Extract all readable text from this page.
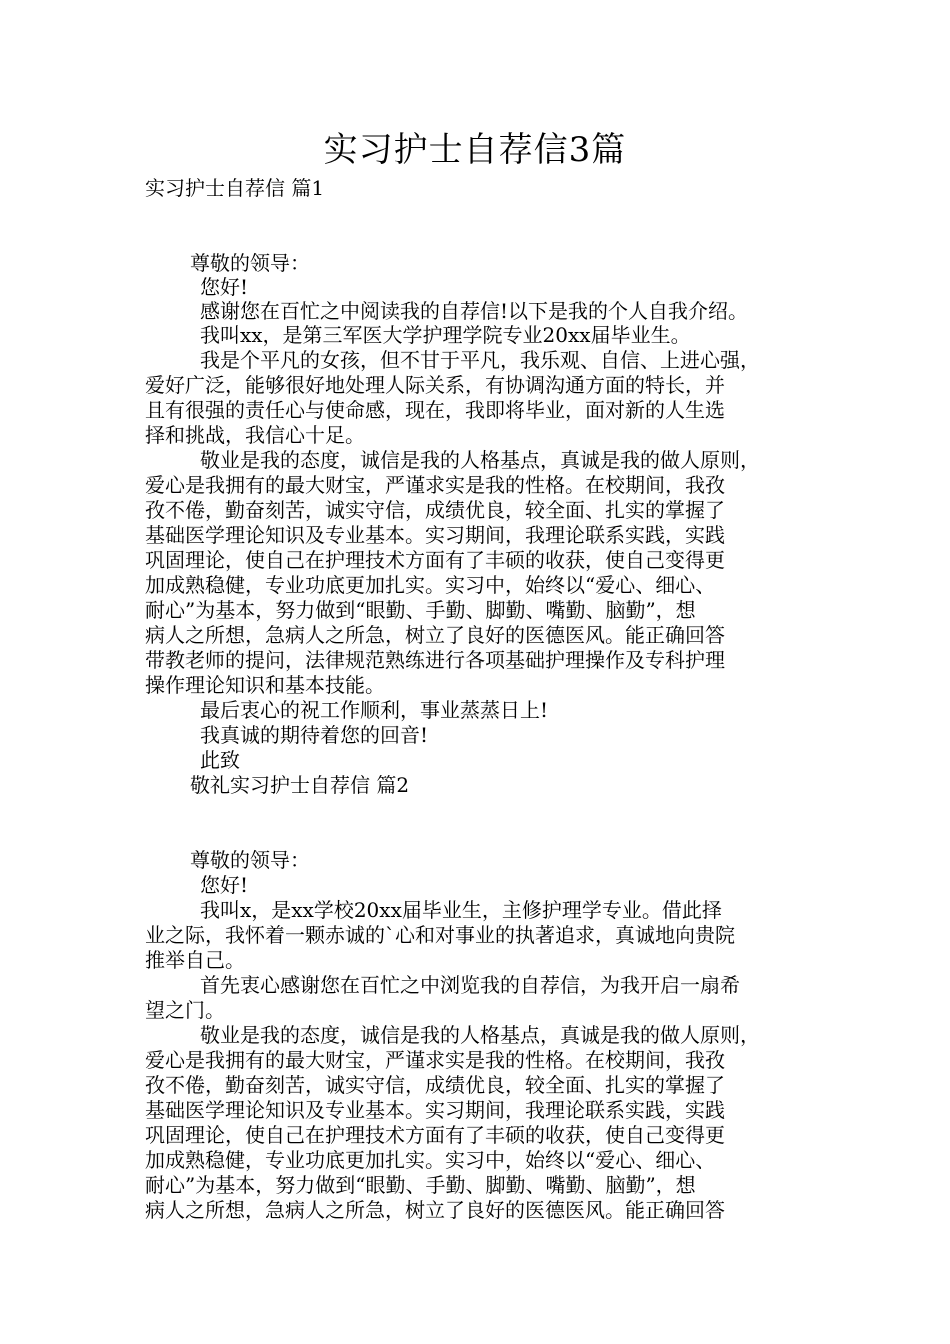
实习护士自荐信3篇
实习护士自荐信 篇1
尊敬的领导：
您好!
感谢您在百忙之中阅读我的自荐信!以下是我的个人自我介绍。
我叫xx，是第三军医大学护理学院专业20xx届毕业生。
我是个平凡的女孩，但不甘于平凡，我乐观、自信、上进心强，
爱好广泛，能够很好地处理人际关系，有协调沟通方面的特长，并
且有很强的责任心与使命感，现在，我即将毕业，面对新的人生选
择和挑战，我信心十足。
敬业是我的态度，诚信是我的人格基点，真诚是我的做人原则，
爱心是我拥有的最大财宝，严谨求实是我的性格。在校期间，我孜
孜不倦，勤奋刻苦，诚实守信，成绩优良，较全面、扎实的掌握了
基础医学理论知识及专业基本。实习期间，我理论联系实践，实践
巩固理论，使自己在护理技术方面有了丰硕的收获，使自己变得更
加成熟稳健，专业功底更加扎实。实习中，始终以“爱心、细心、
耐心”为基本，努力做到“眼勤、手勤、脚勤、嘴勤、脑勤”，想
病人之所想，急病人之所急，树立了良好的医德医风。能正确回答
带教老师的提问，法律规范熟练进行各项基础护理操作及专科护理
操作理论知识和基本技能。
最后衷心的祝工作顺利，事业蒸蒸日上!
我真诚的期待着您的回音!
此致
敬礼实习护士自荐信 篇2
尊敬的领导：
您好!
我叫x，是xx学校20xx届毕业生，主修护理学专业。借此择
业之际，我怀着一颗赤诚的`心和对事业的执著追求，真诚地向贵院
推举自己。
首先衷心感谢您在百忙之中浏览我的自荐信，为我开启一扇希
望之门。
敬业是我的态度，诚信是我的人格基点，真诚是我的做人原则，
爱心是我拥有的最大财宝，严谨求实是我的性格。在校期间，我孜
孜不倦，勤奋刻苦，诚实守信，成绩优良，较全面、扎实的掌握了
基础医学理论知识及专业基本。实习期间，我理论联系实践，实践
巩固理论，使自己在护理技术方面有了丰硕的收获，使自己变得更
加成熟稳健，专业功底更加扎实。实习中，始终以“爱心、细心、
耐心”为基本，努力做到“眼勤、手勤、脚勤、嘴勤、脑勤”，想
病人之所想，急病人之所急，树立了良好的医德医风。能正确回答
